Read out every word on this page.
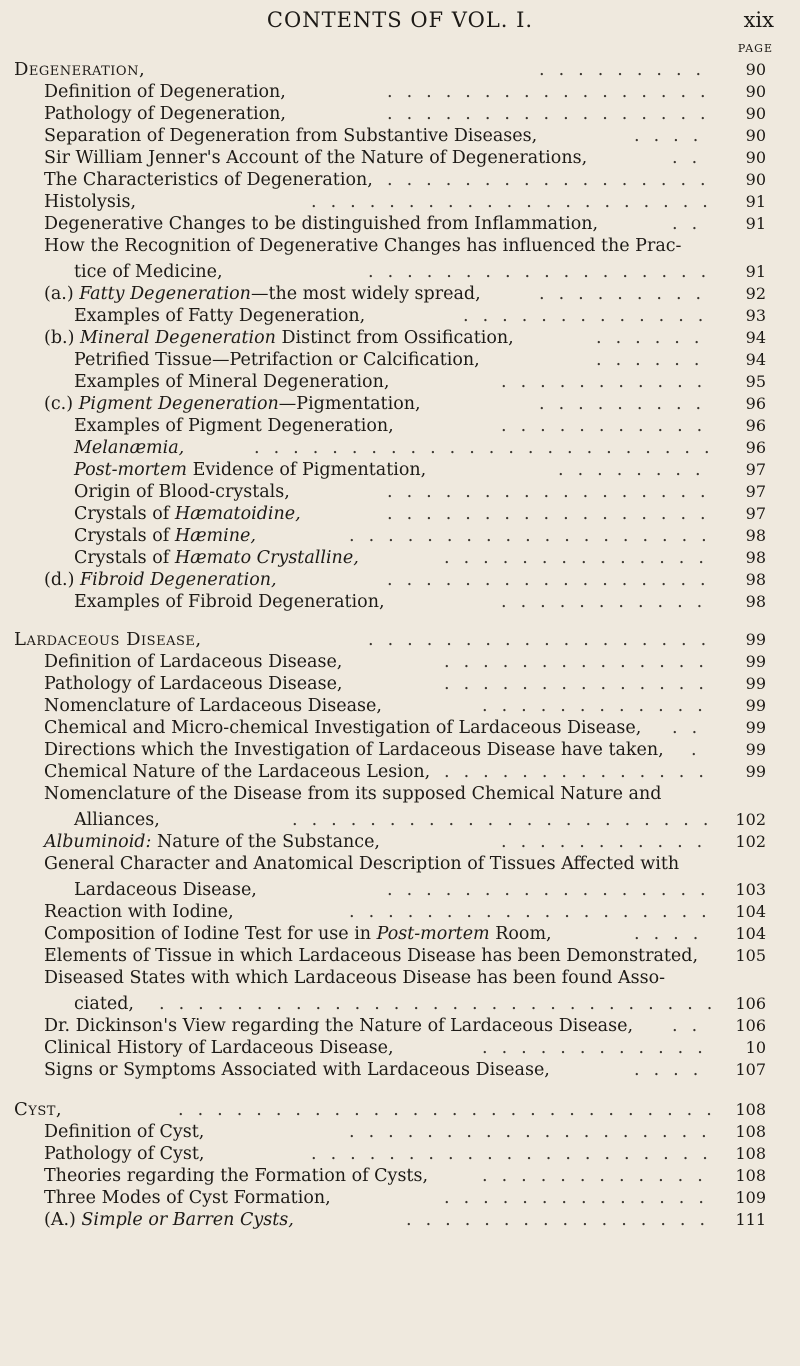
CONTENTS OF VOL. I.	xix
PAGE
Degeneration,	.........	90
Definition of Degeneration,	.................	90
Pathology of Degeneration,	.................	90
Separation of Degeneration from Substantive Diseases,	....	90
Sir William Jenner's Account of the Nature of Degenerations,	..	90
The Characteristics of Degeneration, .................	90
Histolysis,	.....................	91
Degenerative Changes to be distinguished from Inflammation,	..	91
How the Recognition of Degenerative Changes has influenced the Prac-
tice of Medicine,	..................	91
(a.) Fatty Degeneration—the most widely spread,	.........	92
Examples of Fatty Degeneration,	.............	93
(b.) Mineral Degeneration Distinct from Ossification,	......	94
Petrified Tissue—Petrifaction or Calcification,	......	94
Examples of Mineral Degeneration,	...........	95
(c.) Pigment Degeneration—Pigmentation,	.........	96
Examples of Pigment Degeneration,	...........	96
Melanæmia,	........................	96
Post-mortem Evidence of Pigmentation,	........	97
Origin of Blood-crystals,	.................	97
Crystals of Hæmatoidine,	.................	97
Crystals of Hæmine,	...................	98
Crystals of Hæmato Crystalline,	..............	98
(d.) Fibroid Degeneration,	.................	98
Examples of Fibroid Degeneration,	...........	98
Lardaceous Disease,	..................	99
Definition of Lardaceous Disease,	..............	99
Pathology of Lardaceous Disease,	..............	99
Nomenclature of Lardaceous Disease,	............	99
Chemical and Micro-chemical Investigation of Lardaceous Disease, ..	99
Directions which the Investigation of Lardaceous Disease have taken, .	99
Chemical Nature of the Lardaceous Lesion, ..............	99
Nomenclature of the Disease from its supposed Chemical Nature and
Alliances,	...................... 102
Albuminoid: Nature of the Substance,	...........	102
General Character and Anatomical Description of Tissues Affected with
Lardaceous Disease,	................. 103
Reaction with Iodine,	................... 104
Composition of Iodine Test for use in Post-mortem Room,	....	104
Elements of Tissue in which Lardaceous Disease has been Demonstrated,	105
Diseased States with which Lardaceous Disease has been found Asso-
ciated, ............................. 106
Dr. Dickinson's View regarding the Nature of Lardaceous Disease, ..	106
Clinical History of Lardaceous Disease,	............	10
Signs or Symptoms Associated with Lardaceous Disease,	....	107
Cyst,	............................ 108
Definition of Cyst,	................... 108
Pathology of Cyst,	..................... 108
Theories regarding the Formation of Cysts,	............	108
Three Modes of Cyst Formation,	..............	109
(A.) Simple or Barren Cysts,	................	111
